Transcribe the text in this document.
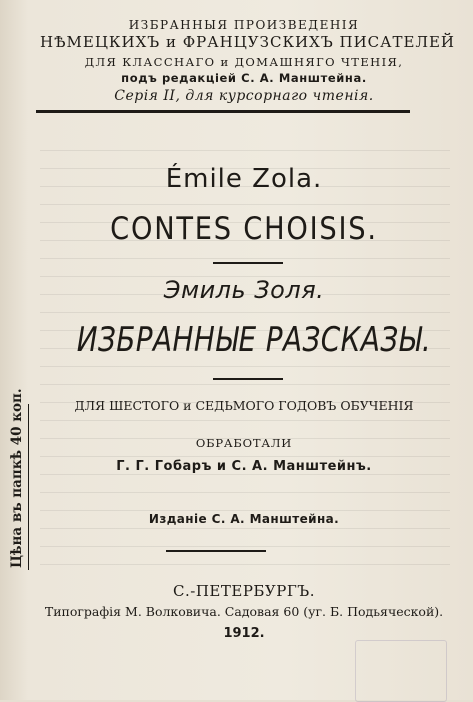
ИЗБРАННЫЯ ПРОИЗВЕДЕНІЯ
НѢМЕЦКИХЪ и ФРАНЦУЗСКИХЪ ПИСАТЕЛЕЙ
ДЛЯ КЛАССНАГО и ДОМАШНЯГО ЧТЕНІЯ,
подъ редакціей С. А. Манштейна.
Серія II, для курсорнаго чтенія.
Émile Zola.
CONTES CHOISIS.
Эмиль Золя.
ИЗБРАННЫЕ РАЗСКАЗЫ.
ДЛЯ ШЕСТОГО и СЕДЬМОГО ГОДОВЪ ОБУЧЕНІЯ
ОБРАБОТАЛИ
Г. Г. Гобаръ и С. А. Манштейнъ.
Изданіе С. А. Манштейна.
С.-ПЕТЕРБУРГЪ.
Типографія М. Волковича. Садовая 60 (уг. Б. Подьяческой).
1912.
Цѣна въ папкѣ 40 коп.
